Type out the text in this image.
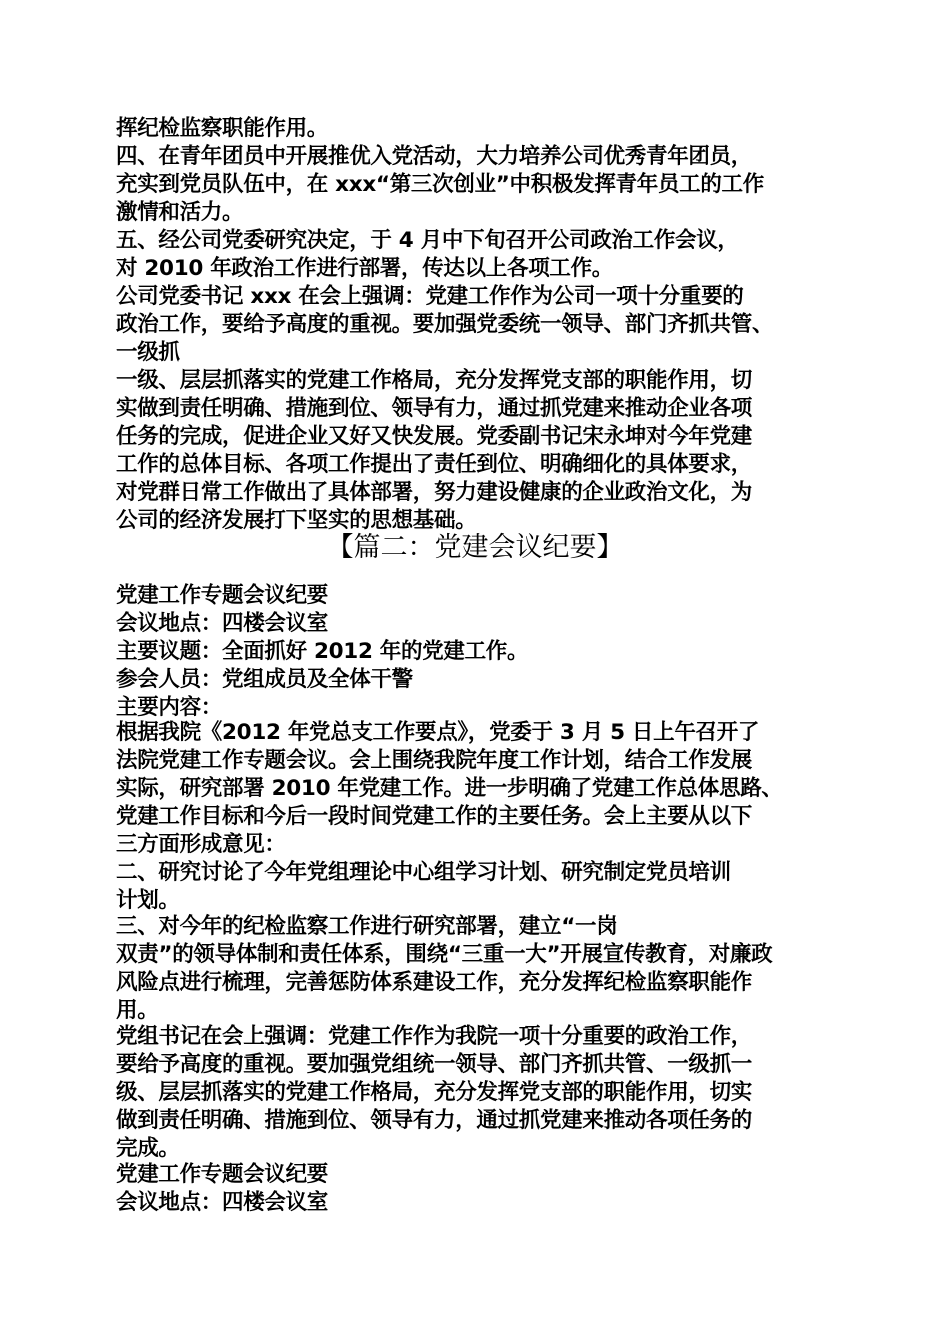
挥纪检监察职能作用。
四、在青年团员中开展推优入党活动，大力培养公司优秀青年团员，
充实到党员队伍中，在 xxx“第三次创业”中积极发挥青年员工的工作
激情和活力。
五、经公司党委研究决定，于 4 月中下旬召开公司政治工作会议，
对 2010 年政治工作进行部署，传达以上各项工作。
公司党委书记 xxx 在会上强调：党建工作作为公司一项十分重要的
政治工作，要给予高度的重视。要加强党委统一领导、部门齐抓共管、
一级抓
一级、层层抓落实的党建工作格局，充分发挥党支部的职能作用，切
实做到责任明确、措施到位、领导有力，通过抓党建来推动企业各项
任务的完成，促进企业又好又快发展。党委副书记宋永坤对今年党建
工作的总体目标、各项工作提出了责任到位、明确细化的具体要求，
对党群日常工作做出了具体部署，努力建设健康的企业政治文化，为
公司的经济发展打下坚实的思想基础。
【篇二：党建会议纪要】
党建工作专题会议纪要
会议地点：四楼会议室
主要议题：全面抓好 2012 年的党建工作。
参会人员：党组成员及全体干警
主要内容：
根据我院《2012 年党总支工作要点》，党委于 3 月 5 日上午召开了
法院党建工作专题会议。会上围绕我院年度工作计划，结合工作发展
实际，研究部署 2010 年党建工作。进一步明确了党建工作总体思路、
党建工作目标和今后一段时间党建工作的主要任务。会上主要从以下
三方面形成意见：
二、研究讨论了今年党组理论中心组学习计划、研究制定党员培训
计划。
三、对今年的纪检监察工作进行研究部署，建立“一岗
双责”的领导体制和责任体系，围绕“三重一大”开展宣传教育，对廉政
风险点进行梳理，完善惩防体系建设工作，充分发挥纪检监察职能作
用。
党组书记在会上强调：党建工作作为我院一项十分重要的政治工作，
要给予高度的重视。要加强党组统一领导、部门齐抓共管、一级抓一
级、层层抓落实的党建工作格局，充分发挥党支部的职能作用，切实
做到责任明确、措施到位、领导有力，通过抓党建来推动各项任务的
完成。
党建工作专题会议纪要
会议地点：四楼会议室
